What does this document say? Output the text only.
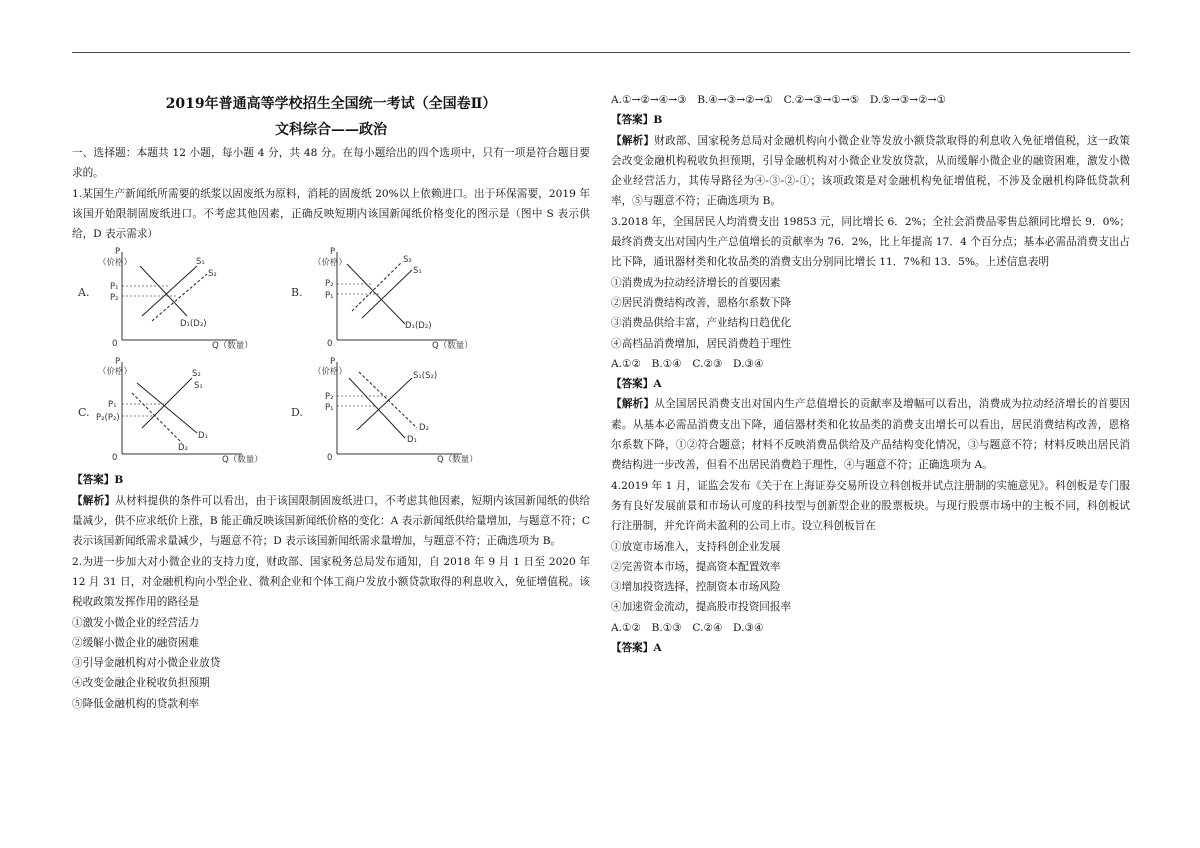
2019年普通高等学校招生全国统一考试（全国卷Ⅱ）
文科综合——政治
一、选择题：本题共 12 小题，每小题 4 分，共 48 分。在每小题给出的四个选项中，只有一项是符合题目要求的。
1.某国生产新闻纸所需要的纸浆以固废纸为原料，消耗的固废纸 20%以上依赖进口。出于环保需要，2019 年该国开始限制固废纸进口。不考虑其他因素，正确反映短期内该国新闻纸价格变化的图示是（图中 S 表示供给，D 表示需求）
A.
P
（价格）
0	Q（数量）
S₁
S₂
P₁
P₂
D₁(D₂)
B.
P
（价格）
0	Q（数量）
S₂
S₁
P₂
P₁
D₁(D₂)
C.
P
（价格）
0	Q（数量）
S₂
S₁
P₁
P₂(P₂)
D₁
D₂
D.
P
（价格）
0	Q（数量）
S₁(S₂)
P₂
P₁
D₂
D₁
【答案】B
【解析】从材料提供的条件可以看出，由于该国限制固废纸进口，不考虑其他因素，短期内该国新闻纸的供给量减少，供不应求纸价上涨，B 能正确反映该国新闻纸价格的变化：A 表示新闻纸供给量增加，与题意不符；C 表示该国新闻纸需求量减少，与题意不符；D 表示该国新闻纸需求量增加，与题意不符；正确选项为 B。
2.为进一步加大对小微企业的支持力度，财政部、国家税务总局发布通知，自 2018 年 9 月 1 日至 2020 年 12 月 31 日，对金融机构向小型企业、微利企业和个体工商户发放小额贷款取得的利息收入，免征增值税。该税收政策发挥作用的路径是
①激发小微企业的经营活力
②缓解小微企业的融资困难
③引导金融机构对小微企业放贷
④改变金融企业税收负担预期
⑤降低金融机构的贷款利率
A.①→②→④→③　B.④→③→②→①　C.②→③→①→⑤　D.⑤→③→②→①
【答案】B
【解析】财政部、国家税务总局对金融机构向小微企业等发放小额贷款取得的利息收入免征增值税，这一政策会改变金融机构税收负担预期，引导金融机构对小微企业发放贷款，从而缓解小微企业的融资困难，激发小微企业经营活力，其传导路径为④-③-②-①；该项政策是对金融机构免征增值税，不涉及金融机构降低贷款利率，⑤与题意不符；正确选项为 B。
3.2018 年，全国居民人均消费支出 19853 元，同比增长 6．2%；全社会消费品零售总额同比增长 9．0%；最终消费支出对国内生产总值增长的贡献率为 76．2%，比上年提高 17．4 个百分点；基本必需品消费支出占比下降，通讯器材类和化妆品类的消费支出分别同比增长 11．7%和 13．5%。上述信息表明
①消费成为拉动经济增长的首要因素
②居民消费结构改善，恩格尔系数下降
③消费品供给丰富，产业结构日趋优化
④高档品消费增加，居民消费趋于理性
A.①②　B.①④　C.②③　D.③④
【答案】A
【解析】从全国居民消费支出对国内生产总值增长的贡献率及增幅可以看出，消费成为拉动经济增长的首要因素。从基本必需品消费支出下降，通信器材类和化妆品类的消费支出增长可以看出，居民消费结构改善，恩格尔系数下降，①②符合题意；材料不反映消费品供给及产品结构变化情况，③与题意不符；材料反映出居民消费结构进一步改善，但看不出居民消费趋于理性，④与题意不符；正确选项为 A。
4.2019 年 1 月，证监会发布《关于在上海证券交易所设立科创板并试点注册制的实施意见》。科创板是专门服务有良好发展前景和市场认可度的科技型与创新型企业的股票板块。与现行股票市场中的主板不同，科创板试行注册制，并允许尚未盈利的公司上市。设立科创板旨在
①放宽市场准入，支持科创企业发展
②完善资本市场，提高资本配置效率
③增加投资选择，控制资本市场风险
④加速资金流动，提高股市投资回报率
A.①②　B.①③　C.②④　D.③④
【答案】A
